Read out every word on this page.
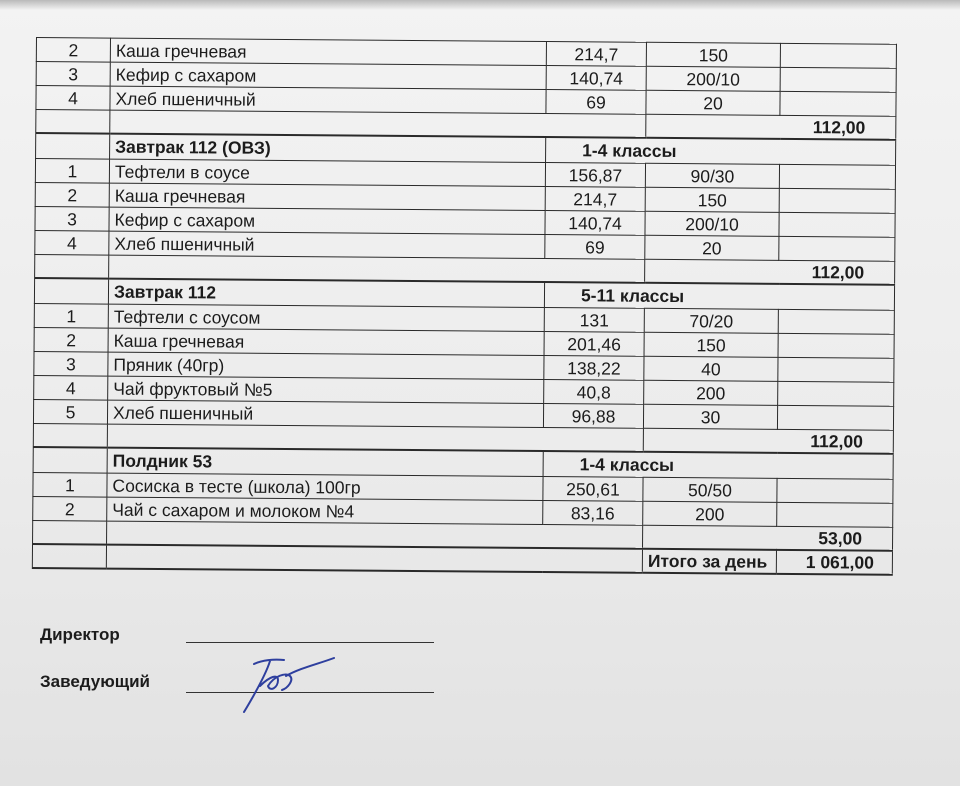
2	Каша гречневая	214,7	150	
3	Кефир с сахаром	140,74	200/10	
4	Хлеб пшеничный	69	20	
			112,00	
	Завтрак 112 (ОВЗ)	1-4 классы		
1	Тефтели в соусе	156,87	90/30	
2	Каша гречневая	214,7	150	
3	Кефир с сахаром	140,74	200/10	
4	Хлеб пшеничный	69	20	
			112,00	
	Завтрак 112	5-11 классы		
1	Тефтели с соусом	131	70/20	
2	Каша гречневая	201,46	150	
3	Пряник (40гр)	138,22	40	
4	Чай фруктовый №5	40,8	200	
5	Хлеб пшеничный	96,88	30	
			112,00	
	Полдник 53	1-4 классы		
1	Сосиска в тесте (школа) 100гр	250,61	50/50	
2	Чай с сахаром и молоком №4	83,16	200	
			53,00	
			Итого за день	1 061,00
Директор
Заведующий
